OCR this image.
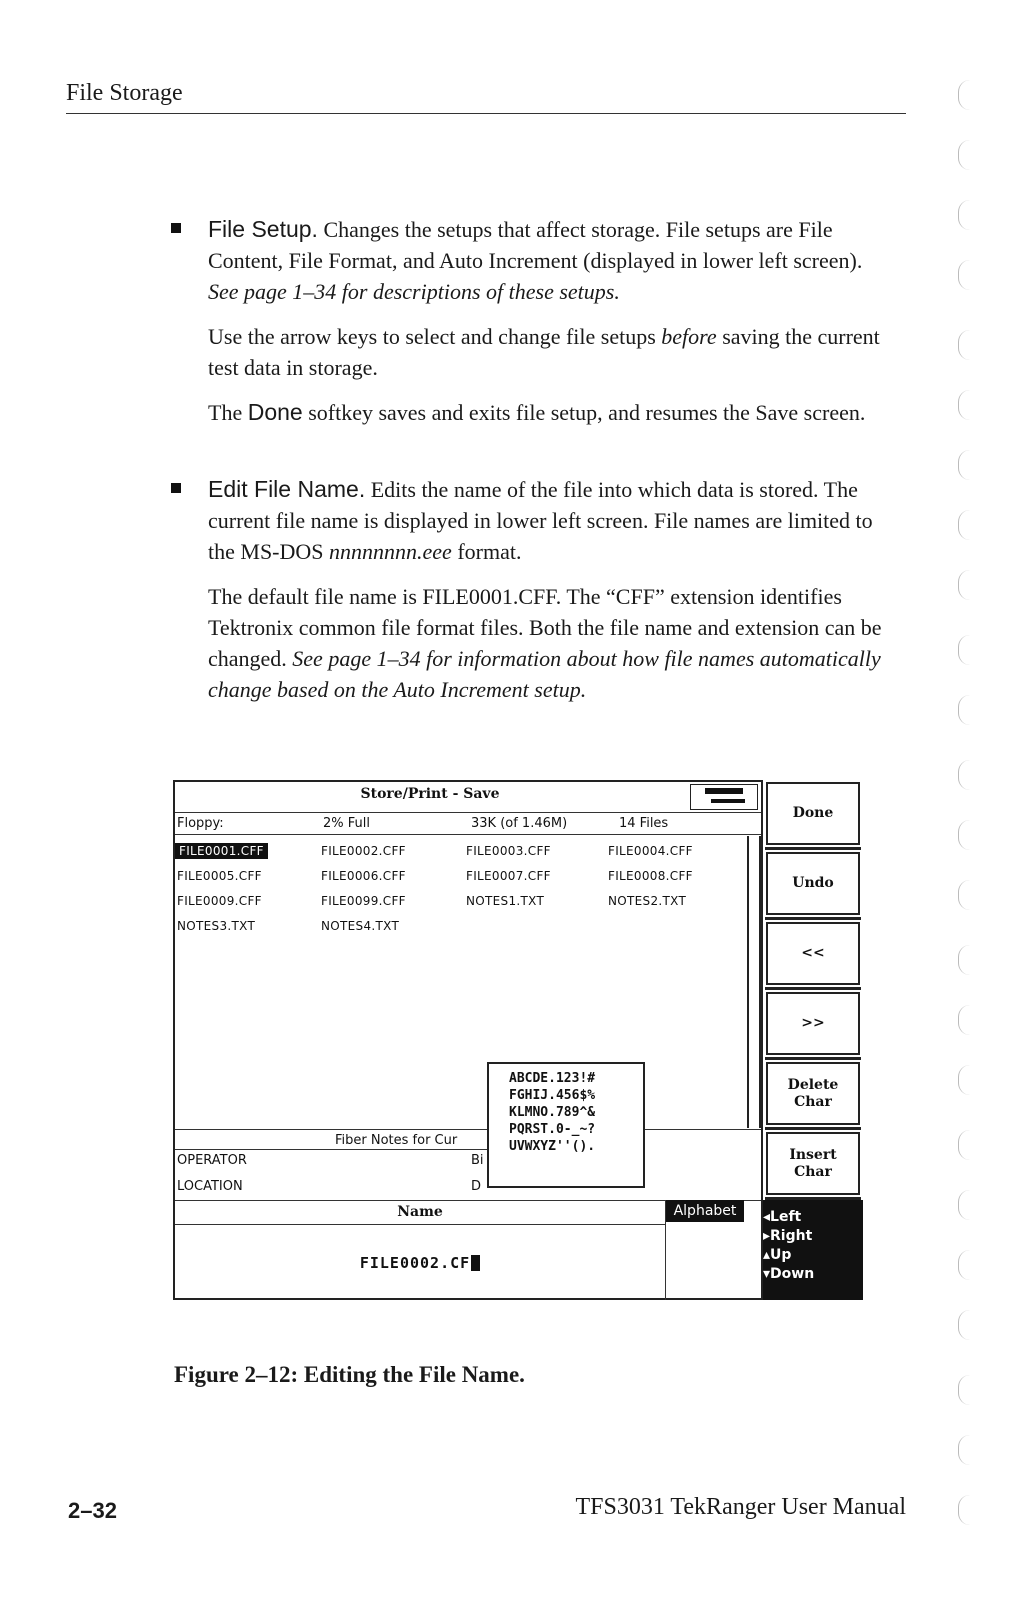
File Storage
File Setup. Changes the setups that affect storage. File setups are File Content, File Format, and Auto Increment (displayed in lower left screen). See page 1–34 for descriptions of these setups.
Use the arrow keys to select and change file setups before saving the current test data in storage.
The Done softkey saves and exits file setup, and resumes the Save screen.
Edit File Name. Edits the name of the file into which data is stored. The current file name is displayed in lower left screen. File names are limited to the MS-DOS nnnnnnnn.eee format.
The default file name is FILE0001.CFF. The “CFF” extension identifies Tektronix common file format files. Both the file name and extension can be changed. See page 1–34 for information about how file names automatically change based on the Auto Increment setup.
Store/Print - Save
Floppy:	2% Full	33K (of 1.46M)	14 Files
FILE0001.CFF	FILE0002.CFF	FILE0003.CFF	FILE0004.CFF
FILE0005.CFF	FILE0006.CFF	FILE0007.CFF	FILE0008.CFF
FILE0009.CFF	FILE0099.CFF	NOTES1.TXT	NOTES2.TXT
NOTES3.TXT	NOTES4.TXT
Fiber Notes for Cur
OPERATOR	Bi
LOCATION	D
Name
FILE0002.CF
Alphabet
ABCDE.123!#
FGHIJ.456$%
KLMNO.789^&
PQRST.0-_~?
UVWXYZ''().
Done
Undo
<<
>>
Delete Char
Insert Char
◂Left
▸Right
▴Up
▾Down
Figure 2–12: Editing the File Name.
2–32	TFS3031 TekRanger User Manual
